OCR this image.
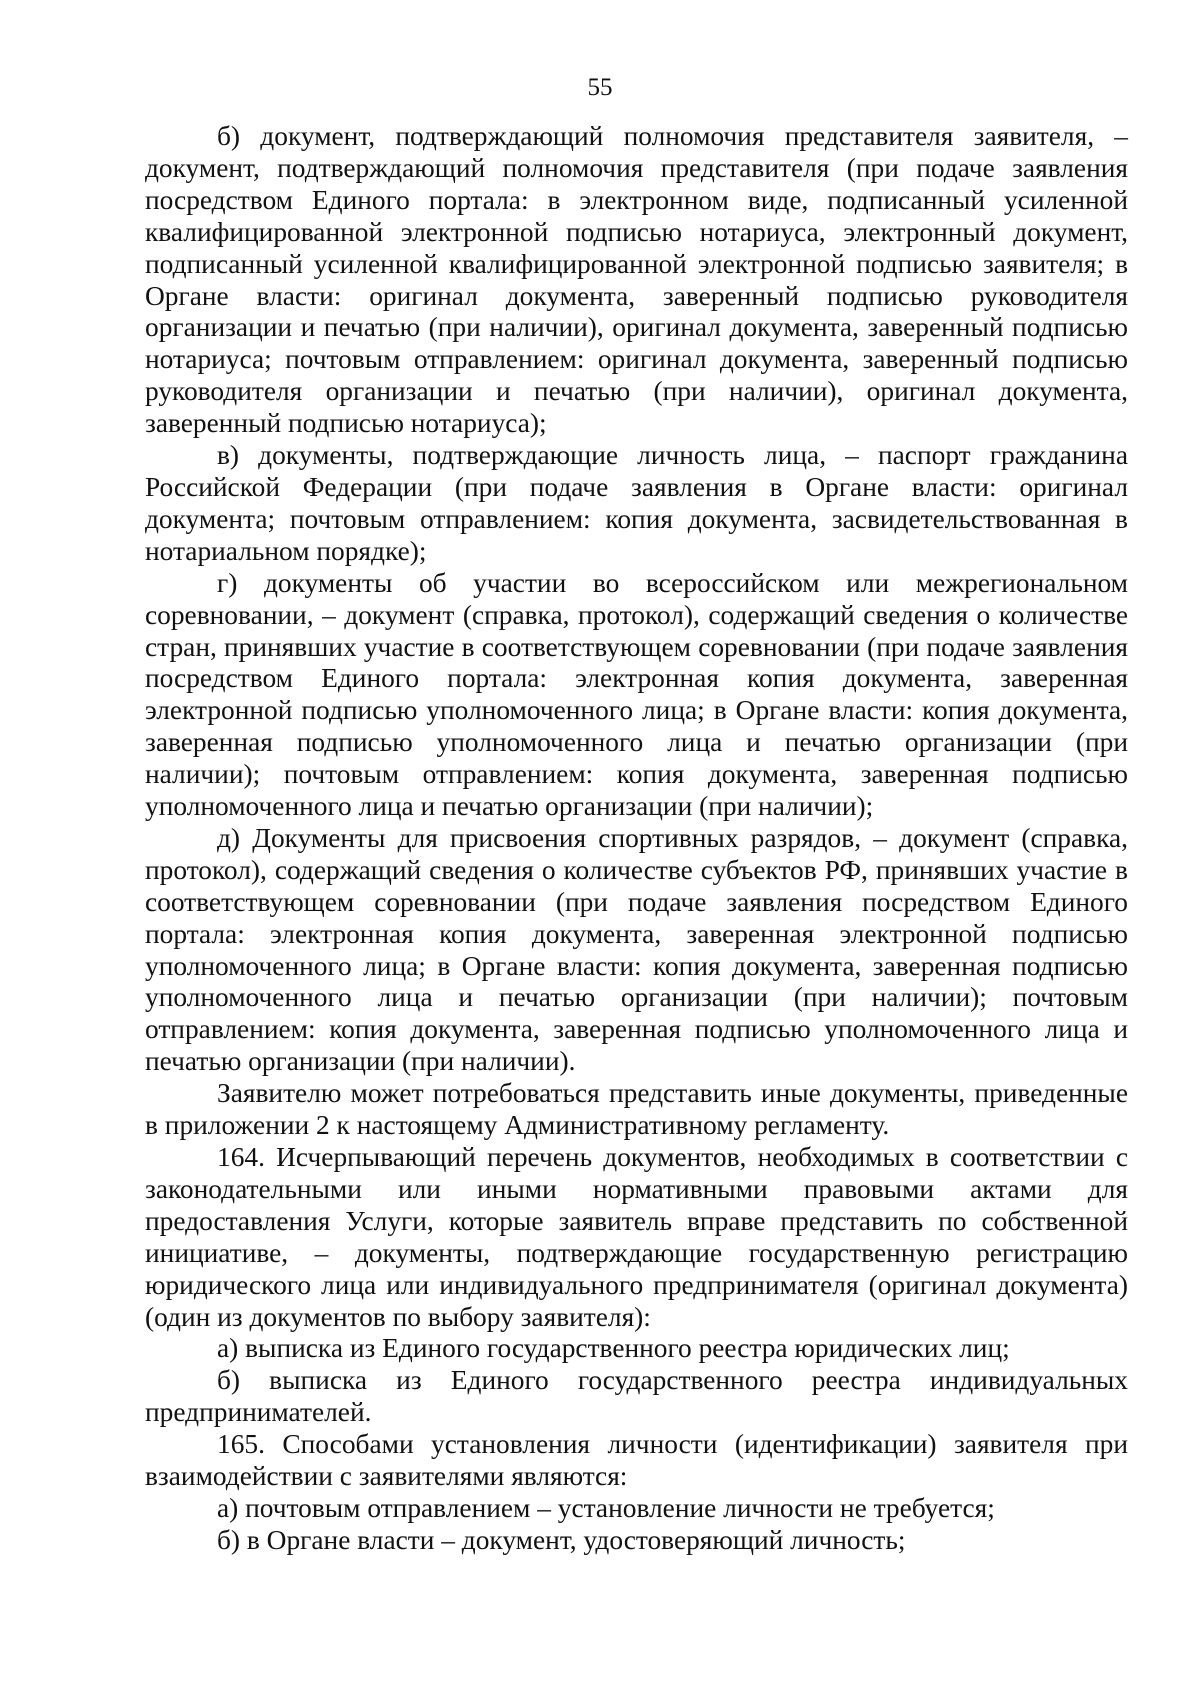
55

б) документ, подтверждающий полномочия представителя заявителя, – документ, подтверждающий полномочия представителя (при подаче заявления посредством Единого портала: в электронном виде, подписанный усиленной квалифицированной электронной подписью нотариуса, электронный документ, подписанный усиленной квалифицированной электронной подписью заявителя; в Органе власти: оригинал документа, заверенный подписью руководителя организации и печатью (при наличии), оригинал документа, заверенный подписью нотариуса; почтовым отправлением: оригинал документа, заверенный подписью руководителя организации и печатью (при наличии), оригинал документа, заверенный подписью нотариуса);

в) документы, подтверждающие личность лица, – паспорт гражданина Российской Федерации (при подаче заявления в Органе власти: оригинал документа; почтовым отправлением: копия документа, засвидетельствованная в нотариальном порядке);

г) документы об участии во всероссийском или межрегиональном соревновании, – документ (справка, протокол), содержащий сведения о количестве стран, принявших участие в соответствующем соревновании (при подаче заявления посредством Единого портала: электронная копия документа, заверенная электронной подписью уполномоченного лица; в Органе власти: копия документа, заверенная подписью уполномоченного лица и печатью организации (при наличии); почтовым отправлением: копия документа, заверенная подписью уполномоченного лица и печатью организации (при наличии);

д) Документы для присвоения спортивных разрядов, – документ (справка, протокол), содержащий сведения о количестве субъектов РФ, принявших участие в соответствующем соревновании (при подаче заявления посредством Единого портала: электронная копия документа, заверенная электронной подписью уполномоченного лица; в Органе власти: копия документа, заверенная подписью уполномоченного лица и печатью организации (при наличии); почтовым отправлением: копия документа, заверенная подписью уполномоченного лица и печатью организации (при наличии).

Заявителю может потребоваться представить иные документы, приведенные в приложении 2 к настоящему Административному регламенту.

164. Исчерпывающий перечень документов, необходимых в соответствии с законодательными или иными нормативными правовыми актами для предоставления Услуги, которые заявитель вправе представить по собственной инициативе, – документы, подтверждающие государственную регистрацию юридического лица или индивидуального предпринимателя (оригинал документа) (один из документов по выбору заявителя):

а) выписка из Единого государственного реестра юридических лиц;

б) выписка из Единого государственного реестра индивидуальных предпринимателей.

165. Способами установления личности (идентификации) заявителя при взаимодействии с заявителями являются:

а) почтовым отправлением – установление личности не требуется;

б) в Органе власти – документ, удостоверяющий личность;
